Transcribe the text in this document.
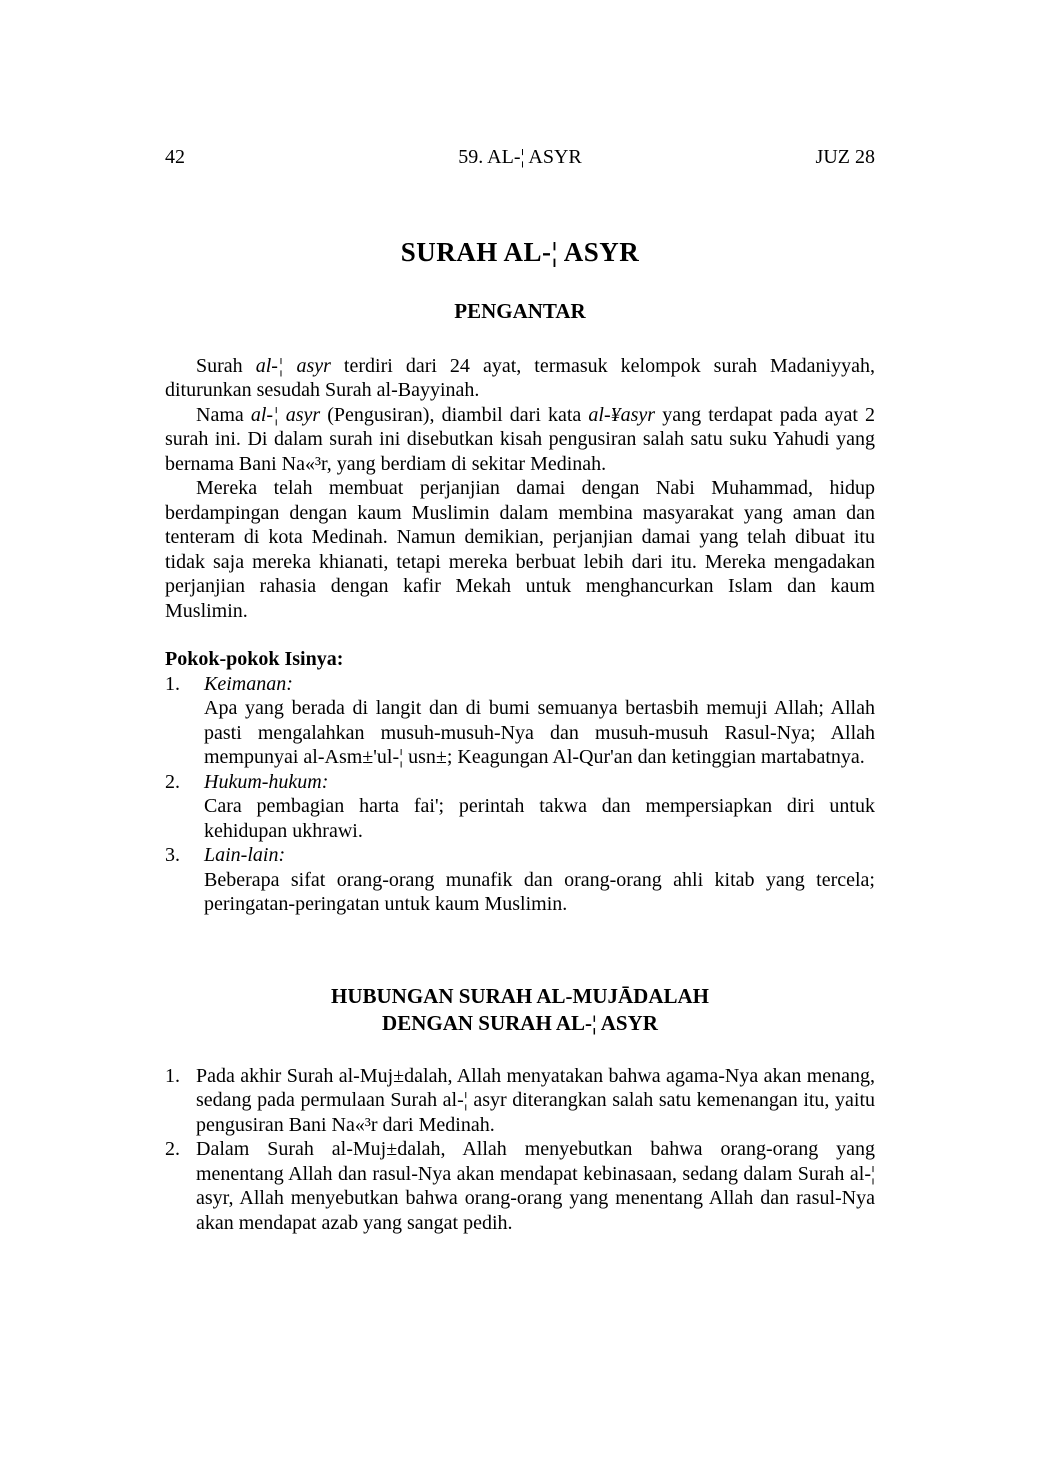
42	59. AL-¦ ASYR	JUZ 28
SURAH AL-¦ ASYR
PENGANTAR

Surah al-¦ asyr terdiri dari 24 ayat, termasuk kelompok surah Madaniyyah, diturunkan sesudah Surah al-Bayyinah.

Nama al-¦ asyr (Pengusiran), diambil dari kata al-¥asyr yang terdapat pada ayat 2 surah ini. Di dalam surah ini disebutkan kisah pengusiran salah satu suku Yahudi yang bernama Bani Na«³r, yang berdiam di sekitar Medinah.

Mereka telah membuat perjanjian damai dengan Nabi Muhammad, hidup berdampingan dengan kaum Muslimin dalam membina masyarakat yang aman dan tenteram di kota Medinah. Namun demikian, perjanjian damai yang telah dibuat itu tidak saja mereka khianati, tetapi mereka berbuat lebih dari itu. Mereka mengadakan perjanjian rahasia dengan kafir Mekah untuk menghancurkan Islam dan kaum Muslimin.

Pokok-pokok Isinya:
1.	Keimanan:
Apa yang berada di langit dan di bumi semuanya bertasbih memuji Allah; Allah pasti mengalahkan musuh-musuh-Nya dan musuh-musuh Rasul-Nya; Allah mempunyai al-Asm±'ul-¦ usn±; Keagungan Al-Qur'an dan ketinggian martabatnya.
2.	Hukum-hukum:
Cara pembagian harta fai'; perintah takwa dan mempersiapkan diri untuk kehidupan ukhrawi.
3.	Lain-lain:
Beberapa sifat orang-orang munafik dan orang-orang ahli kitab yang tercela; peringatan-peringatan untuk kaum Muslimin.
HUBUNGAN SURAH AL-MUJĀDALAH
DENGAN SURAH AL-¦ ASYR
1. Pada akhir Surah al-Muj±dalah, Allah menyatakan bahwa agama-Nya akan menang, sedang pada permulaan Surah al-¦ asyr diterangkan salah satu kemenangan itu, yaitu pengusiran Bani Na«³r dari Medinah.
2. Dalam Surah al-Muj±dalah, Allah menyebutkan bahwa orang-orang yang menentang Allah dan rasul-Nya akan mendapat kebinasaan, sedang dalam Surah al-¦ asyr, Allah menyebutkan bahwa orang-orang yang menentang Allah dan rasul-Nya akan mendapat azab yang sangat pedih.
